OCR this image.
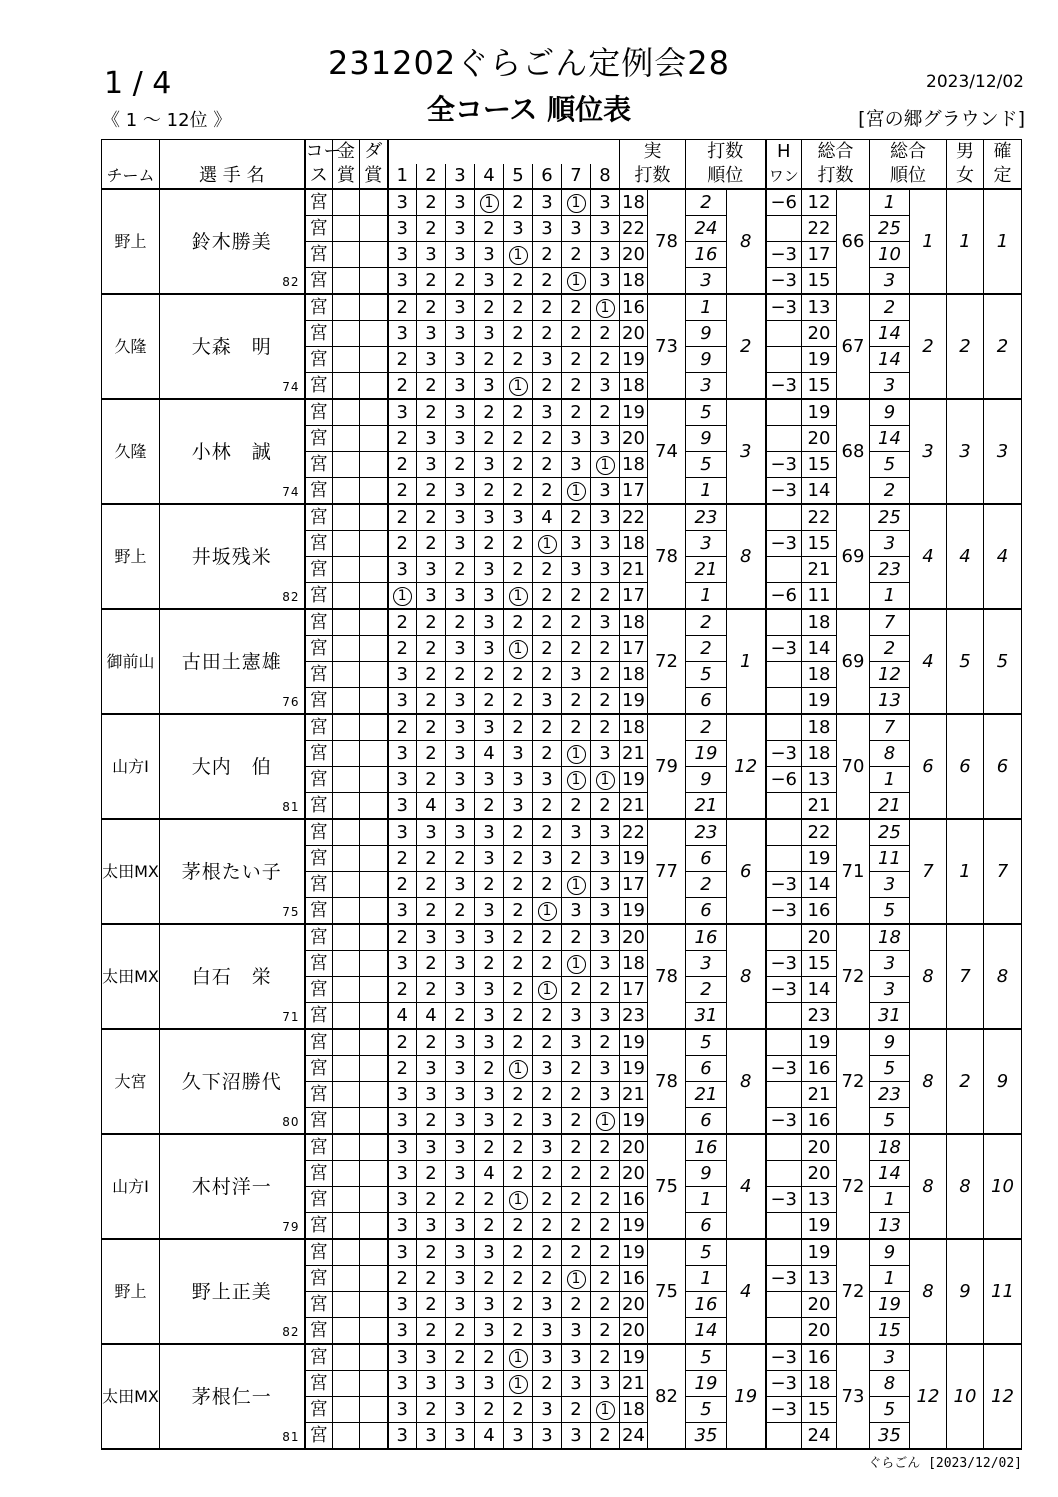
231202ぐらごん定例会28
1 / 4
《 1 ～ 12位 》	全コース 順位表
2023/12/02
[宮の郷グラウンド]
		コー	金	ダ									実		打数		H	総合		総合		男	確
チーム	選 手 名	ス	賞	賞	1	2	3	4	5	6	7	8	打数		順位		ワン	打数		順位		女	定
野上	鈴木勝美
82	宮			3	2	3	1	2	3	1	3	18	78	2	8	−6	12	66	1	1	1	1
		宮			3	2	3	2	3	3	3	3	22		24			22		25			
		宮			3	3	3	3	1	2	2	3	20		16		−3	17		10			
		宮			3	2	2	3	2	2	1	3	18		3		−3	15		3			
久隆	大森　明
74	宮			2	2	3	2	2	2	2	1	16	73	1	2	−3	13	67	2	2	2	2
		宮			3	3	3	3	2	2	2	2	20		9			20		14			
		宮			2	3	3	2	2	3	2	2	19		9			19		14			
		宮			2	2	3	3	1	2	2	3	18		3		−3	15		3			
久隆	小林　誠
74	宮			3	2	3	2	2	3	2	2	19	74	5	3		19	68	9	3	3	3
		宮			2	3	3	2	2	2	3	3	20		9			20		14			
		宮			2	3	2	3	2	2	3	1	18		5		−3	15		5			
		宮			2	2	3	2	2	2	1	3	17		1		−3	14		2			
野上	井坂残米
82	宮			2	2	3	3	3	4	2	3	22	78	23	8		22	69	25	4	4	4
		宮			2	2	3	2	2	1	3	3	18		3		−3	15		3			
		宮			3	3	2	3	2	2	3	3	21		21			21		23			
		宮			1	3	3	3	1	2	2	2	17		1		−6	11		1			
御前山	古田土憲雄
76	宮			2	2	2	3	2	2	2	3	18	72	2	1		18	69	7	4	5	5
		宮			2	2	3	3	1	2	2	2	17		2		−3	14		2			
		宮			3	2	2	2	2	2	3	2	18		5			18		12			
		宮			3	2	3	2	2	3	2	2	19		6			19		13			
山方Ⅰ	大内　伯
81	宮			2	2	3	3	2	2	2	2	18	79	2	12		18	70	7	6	6	6
		宮			3	2	3	4	3	2	1	3	21		19		−3	18		8			
		宮			3	2	3	3	3	3	1	1	19		9		−6	13		1			
		宮			3	4	3	2	3	2	2	2	21		21			21		21			
太田MX	茅根たい子
75	宮			3	3	3	3	2	2	3	3	22	77	23	6		22	71	25	7	1	7
		宮			2	2	2	3	2	3	2	3	19		6			19		11			
		宮			2	2	3	2	2	2	1	3	17		2		−3	14		3			
		宮			3	2	2	3	2	1	3	3	19		6		−3	16		5			
太田MX	白石　栄
71	宮			2	3	3	3	2	2	2	3	20	78	16	8		20	72	18	8	7	8
		宮			3	2	3	2	2	2	1	3	18		3		−3	15		3			
		宮			2	2	3	3	2	1	2	2	17		2		−3	14		3			
		宮			4	4	2	3	2	2	3	3	23		31			23		31			
大宮	久下沼勝代
80	宮			2	2	3	3	2	2	3	2	19	78	5	8		19	72	9	8	2	9
		宮			2	3	3	2	1	3	2	3	19		6		−3	16		5			
		宮			3	3	3	3	2	2	2	3	21		21			21		23			
		宮			3	2	3	3	2	3	2	1	19		6		−3	16		5			
山方Ⅰ	木村洋一
79	宮			3	3	3	2	2	3	2	2	20	75	16	4		20	72	18	8	8	10
		宮			3	2	3	4	2	2	2	2	20		9			20		14			
		宮			3	2	2	2	1	2	2	2	16		1		−3	13		1			
		宮			3	3	3	2	2	2	2	2	19		6			19		13			
野上	野上正美
82	宮			3	2	3	3	2	2	2	2	19	75	5	4		19	72	9	8	9	11
		宮			2	2	3	2	2	2	1	2	16		1		−3	13		1			
		宮			3	2	3	3	2	3	2	2	20		16			20		19			
		宮			3	2	2	3	2	3	3	2	20		14			20		15			
太田MX	茅根仁一
81	宮			3	3	2	2	1	3	3	2	19	82	5	19	−3	16	73	3	12	10	12
		宮			3	3	3	3	1	2	3	3	21		19		−3	18		8			
		宮			3	2	3	2	2	3	2	1	18		5		−3	15		5			
		宮			3	3	3	4	3	3	3	2	24		35			24		35			
ぐらごん [2023/12/02]
